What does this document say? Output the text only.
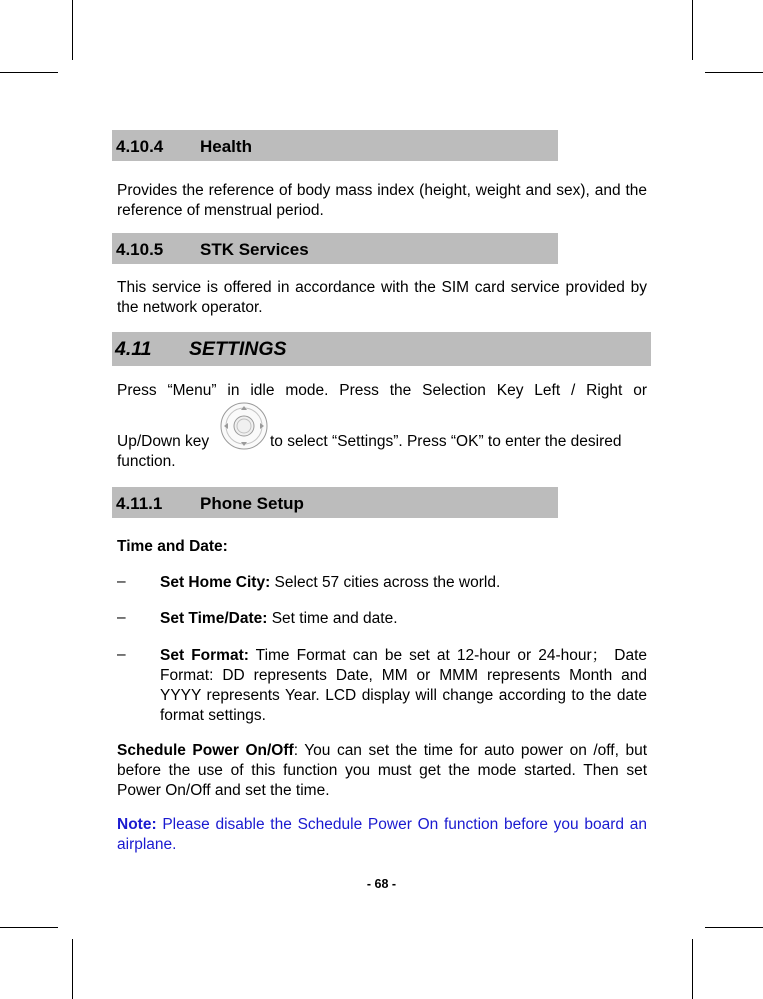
4.10.4 Health
Provides the reference of body mass index (height, weight and sex), and the reference of menstrual period.
4.10.5 STK Services
This service is offered in accordance with the SIM card service provided by the network operator.
4.11 SETTINGS
Press “Menu” in idle mode. Press the Selection Key Left / Right or
Up/Down key	to select “Settings”. Press “OK” to enter the desired
function.
4.11.1 Phone Setup
Time and Date:
– Set Home City: Select 57 cities across the world.
– Set Time/Date: Set time and date.
– Set Format: Time Format can be set at 12-hour or 24-hour； Date Format: DD represents Date, MM or MMM represents Month and YYYY represents Year. LCD display will change according to the date format settings.
Schedule Power On/Off: You can set the time for auto power on /off, but before the use of this function you must get the mode started. Then set Power On/Off and set the time.
Note: Please disable the Schedule Power On function before you board an airplane.
- 68 -
